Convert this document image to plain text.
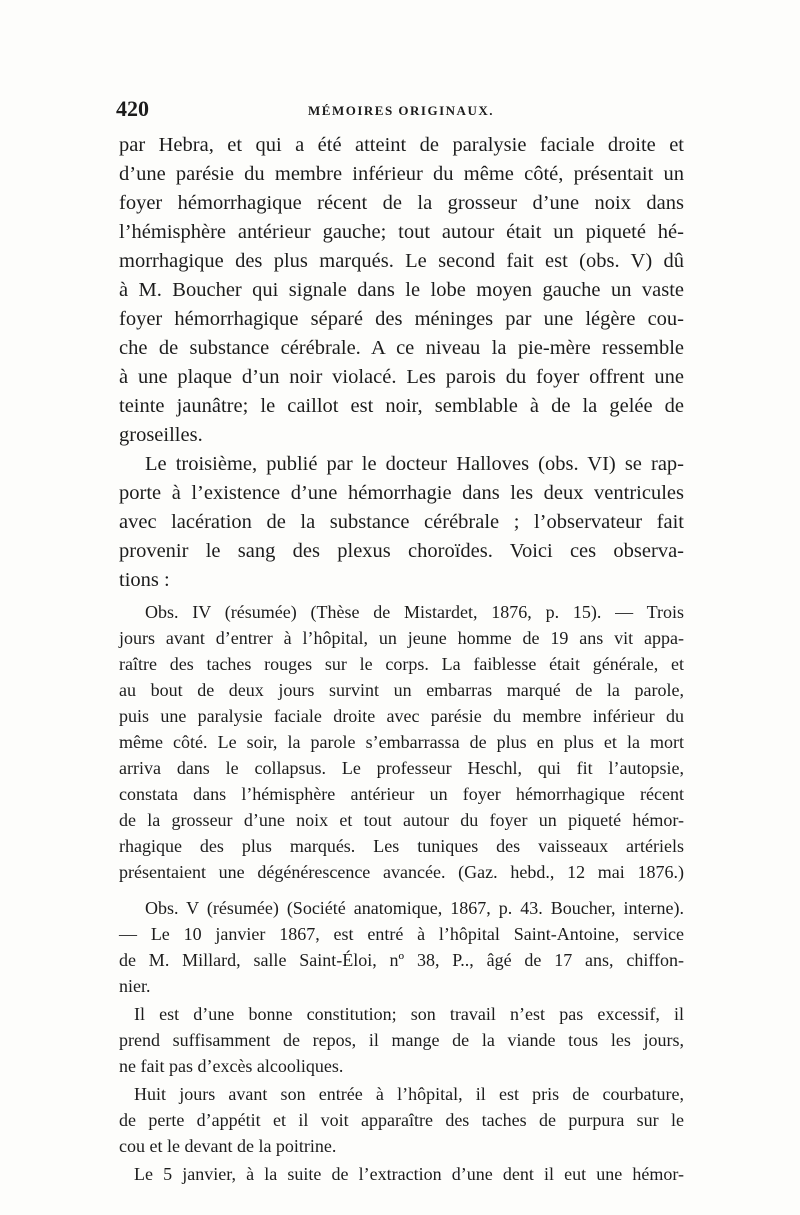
420	MÉMOIRES ORIGINAUX.
par Hebra, et qui a été atteint de paralysie faciale droite et
d’une parésie du membre inférieur du même côté, présentait un
foyer hémorrhagique récent de la grosseur d’une noix dans
l’hémisphère antérieur gauche; tout autour était un piqueté hé-
morrhagique des plus marqués. Le second fait est (obs. V) dû
à M. Boucher qui signale dans le lobe moyen gauche un vaste
foyer hémorrhagique séparé des méninges par une légère cou-
che de substance cérébrale. A ce niveau la pie-mère ressemble
à une plaque d’un noir violacé. Les parois du foyer offrent une
teinte jaunâtre; le caillot est noir, semblable à de la gelée de
groseilles.
Le troisième, publié par le docteur Halloves (obs. VI) se rap-
porte à l’existence d’une hémorrhagie dans les deux ventricules
avec lacération de la substance cérébrale ; l’observateur fait
provenir le sang des plexus choroïdes. Voici ces observa-
tions :
Obs. IV (résumée) (Thèse de Mistardet, 1876, p. 15). — Trois
jours avant d’entrer à l’hôpital, un jeune homme de 19 ans vit appa-
raître des taches rouges sur le corps. La faiblesse était générale, et
au bout de deux jours survint un embarras marqué de la parole,
puis une paralysie faciale droite avec parésie du membre inférieur du
même côté. Le soir, la parole s’embarrassa de plus en plus et la mort
arriva dans le collapsus. Le professeur Heschl, qui fit l’autopsie,
constata dans l’hémisphère antérieur un foyer hémorrhagique récent
de la grosseur d’une noix et tout autour du foyer un piqueté hémor-
rhagique des plus marqués. Les tuniques des vaisseaux artériels
présentaient une dégénérescence avancée. (Gaz. hebd., 12 mai 1876.)
Obs. V (résumée) (Société anatomique, 1867, p. 43. Boucher, interne).
— Le 10 janvier 1867, est entré à l’hôpital Saint-Antoine, service
de M. Millard, salle Saint-Éloi, nº 38, P.., âgé de 17 ans, chiffon-
nier.
Il est d’une bonne constitution; son travail n’est pas excessif, il
prend suffisamment de repos, il mange de la viande tous les jours,
ne fait pas d’excès alcooliques.
Huit jours avant son entrée à l’hôpital, il est pris de courbature,
de perte d’appétit et il voit apparaître des taches de purpura sur le
cou et le devant de la poitrine.
Le 5 janvier, à la suite de l’extraction d’une dent il eut une hémor-
